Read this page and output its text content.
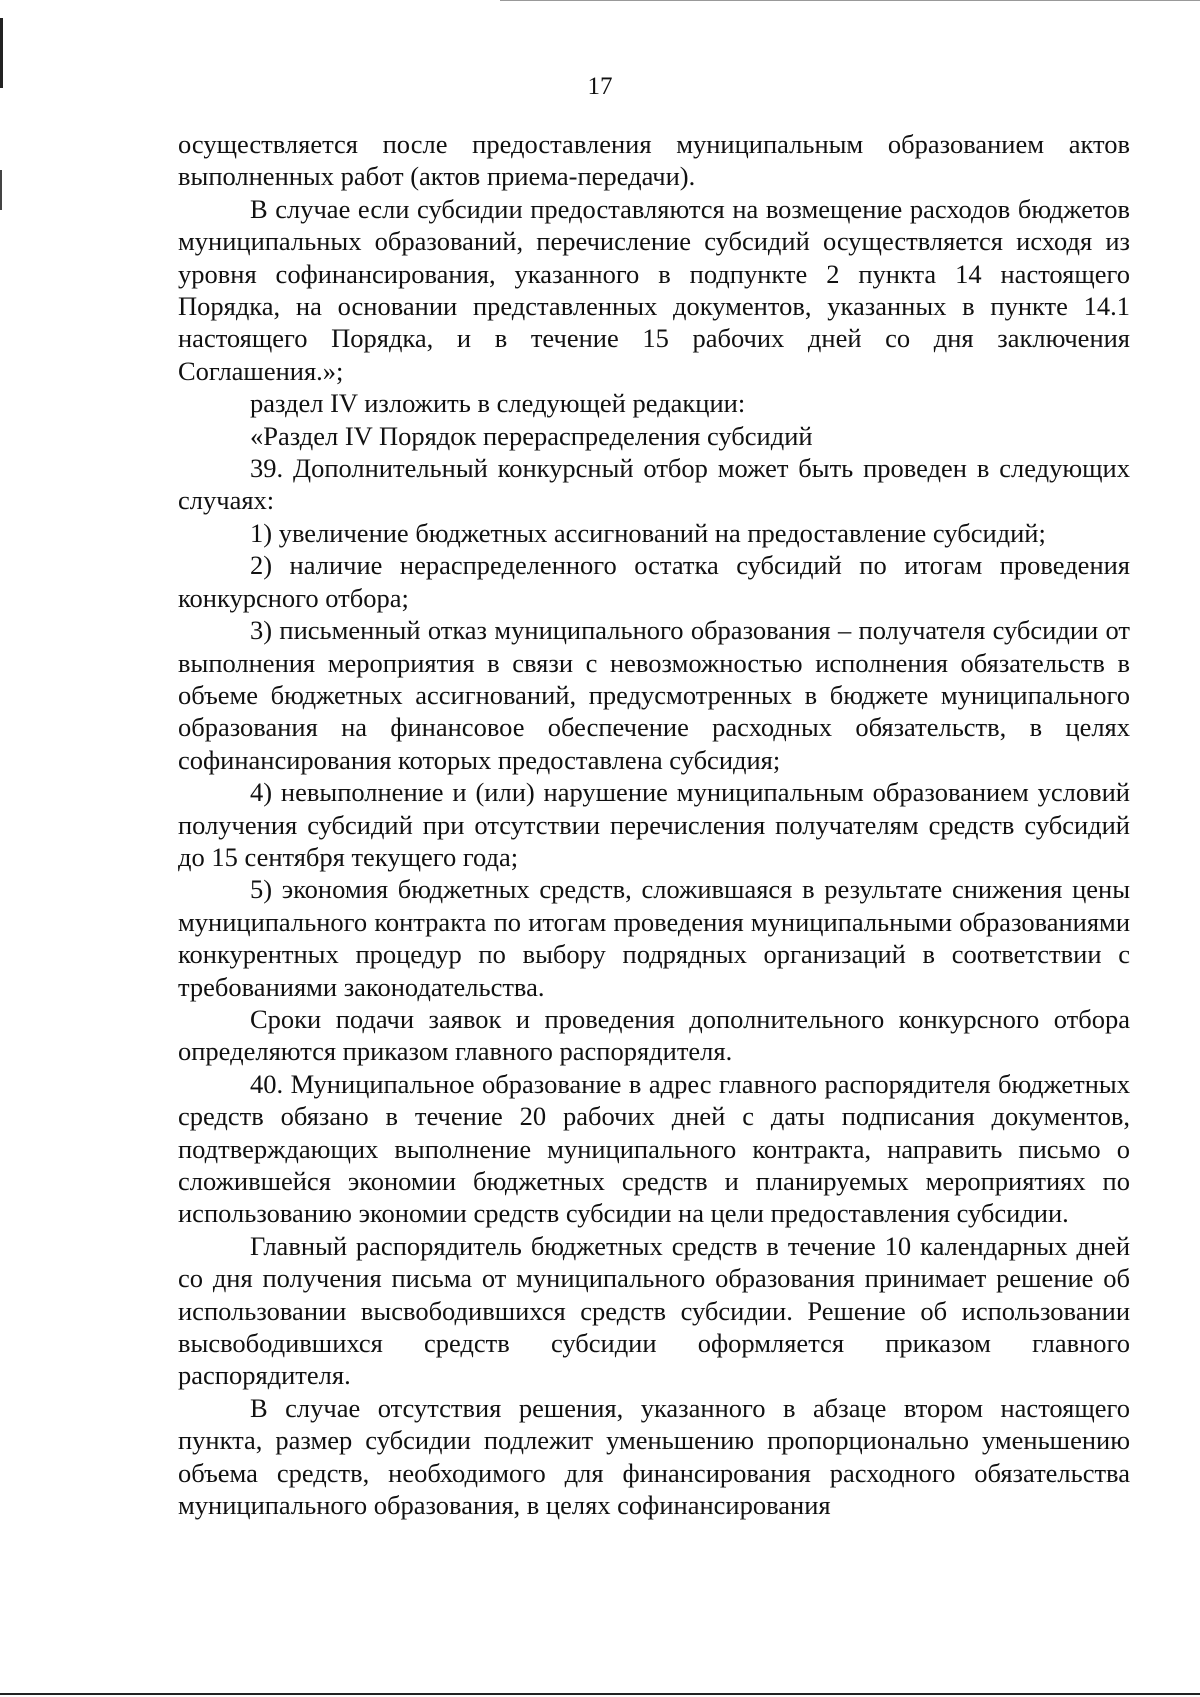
17

осуществляется после предоставления муниципальным образованием актов выполненных работ (актов приема-передачи).

В случае если субсидии предоставляются на возмещение расходов бюджетов муниципальных образований, перечисление субсидий осуществляется исходя из уровня софинансирования, указанного в подпункте 2 пункта 14 настоящего Порядка, на основании представленных документов, указанных в пункте 14.1 настоящего Порядка, и в течение 15 рабочих дней со дня заключения Соглашения.»;

раздел IV изложить в следующей редакции:

«Раздел IV Порядок перераспределения субсидий

39. Дополнительный конкурсный отбор может быть проведен в следующих случаях:

1) увеличение бюджетных ассигнований на предоставление субсидий;

2) наличие нераспределенного остатка субсидий по итогам проведения конкурсного отбора;

3) письменный отказ муниципального образования – получателя субсидии от выполнения мероприятия в связи с невозможностью исполнения обязательств в объеме бюджетных ассигнований, предусмотренных в бюджете муниципального образования на финансовое обеспечение расходных обязательств, в целях софинансирования которых предоставлена субсидия;

4) невыполнение и (или) нарушение муниципальным образованием условий получения субсидий при отсутствии перечисления получателям средств субсидий до 15 сентября текущего года;

5) экономия бюджетных средств, сложившаяся в результате снижения цены муниципального контракта по итогам проведения муниципальными образованиями конкурентных процедур по выбору подрядных организаций в соответствии с требованиями законодательства.

Сроки подачи заявок и проведения дополнительного конкурсного отбора определяются приказом главного распорядителя.

40. Муниципальное образование в адрес главного распорядителя бюджетных средств обязано в течение 20 рабочих дней с даты подписания документов, подтверждающих выполнение муниципального контракта, направить письмо о сложившейся экономии бюджетных средств и планируемых мероприятиях по использованию экономии средств субсидии на цели предоставления субсидии.

Главный распорядитель бюджетных средств в течение 10 календарных дней со дня получения письма от муниципального образования принимает решение об использовании высвободившихся средств субсидии. Решение об использовании высвободившихся средств субсидии оформляется приказом главного распорядителя.

В случае отсутствия решения, указанного в абзаце втором настоящего пункта, размер субсидии подлежит уменьшению пропорционально уменьшению объема средств, необходимого для финансирования расходного обязательства муниципального образования, в целях софинансирования
